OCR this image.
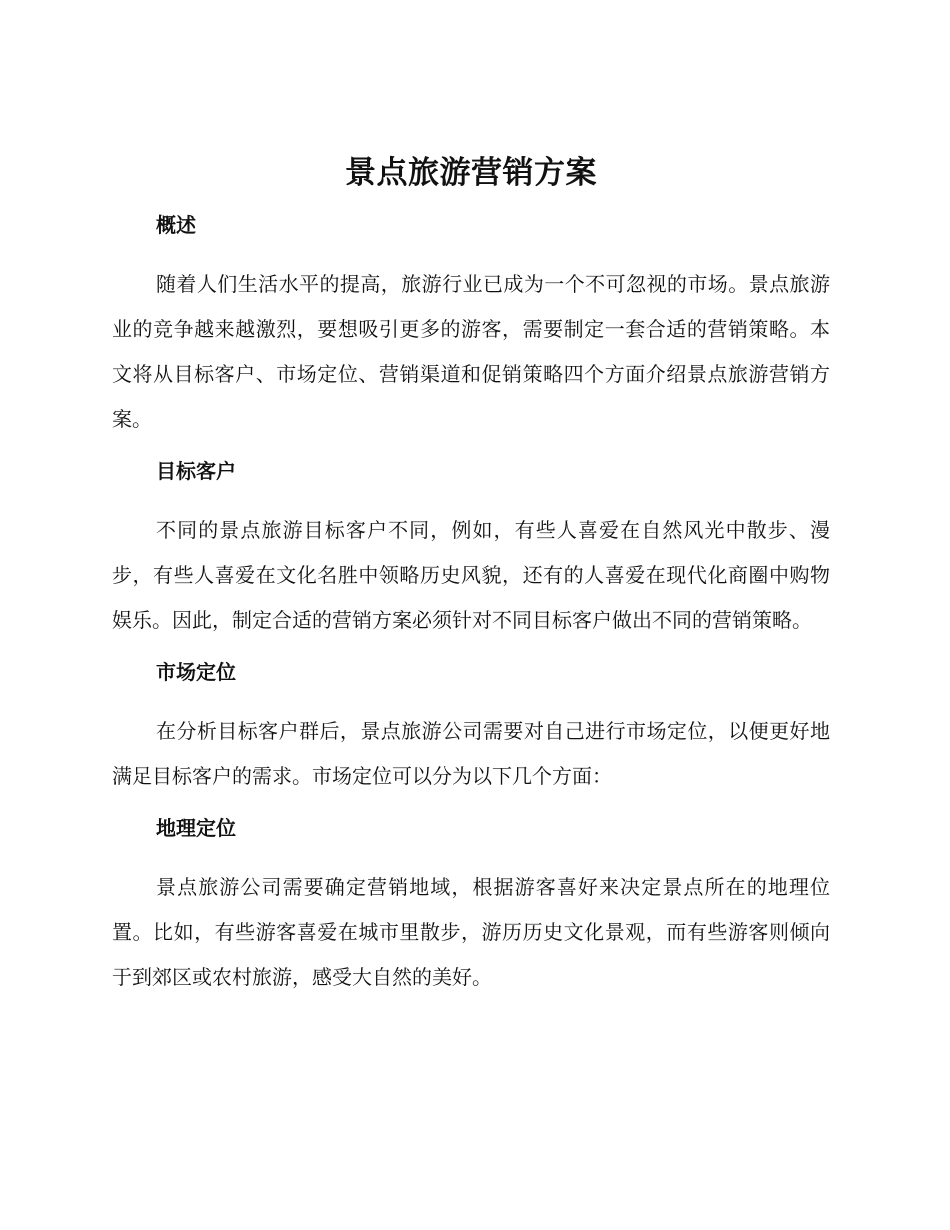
景点旅游营销方案
概述

随着人们生活水平的提高，旅游行业已成为一个不可忽视的市场。景点旅游业的竞争越来越激烈，要想吸引更多的游客，需要制定一套合适的营销策略。本文将从目标客户、市场定位、营销渠道和促销策略四个方面介绍景点旅游营销方案。

目标客户

不同的景点旅游目标客户不同，例如，有些人喜爱在自然风光中散步、漫步，有些人喜爱在文化名胜中领略历史风貌，还有的人喜爱在现代化商圈中购物娱乐。因此，制定合适的营销方案必须针对不同目标客户做出不同的营销策略。

市场定位

在分析目标客户群后，景点旅游公司需要对自己进行市场定位，以便更好地满足目标客户的需求。市场定位可以分为以下几个方面：

地理定位

景点旅游公司需要确定营销地域，根据游客喜好来决定景点所在的地理位置。比如，有些游客喜爱在城市里散步，游历历史文化景观，而有些游客则倾向于到郊区或农村旅游，感受大自然的美好。
